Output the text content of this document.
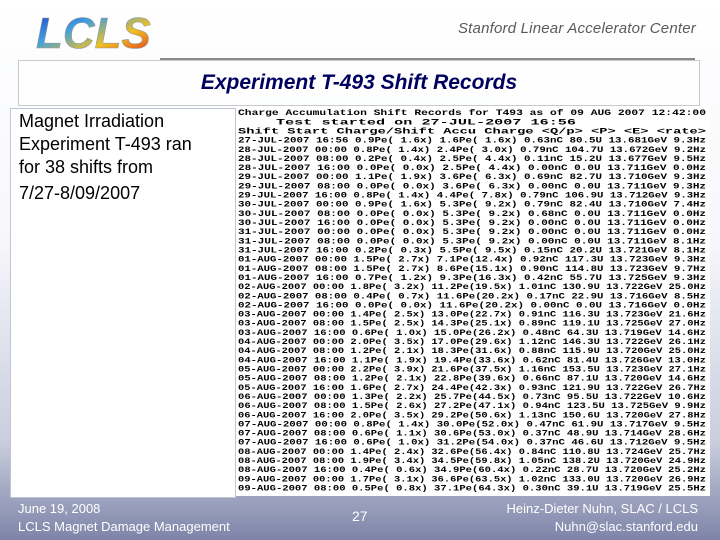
LCLS	Stanford Linear Accelerator Center
Experiment T-493 Shift Records

Magnet Irradiation

Experiment T-493 ran

for 38 shifts from

7/27-8/09/2007

Charge Accumulation Shift Records for T493 as of 09 AUG 2007 12:42:00
Test started on 27-JUL-2007 16:56
Shift Start Charge/Shift Accu Charge <Q/p> <P> <E> <rate>
27-JUL-2007 16:56 0.9Pe( 1.6x) 1.6Pe( 1.6x) 0.63nC 80.5U 13.681GeV 9.3Hz
28-JUL-2007 00:00 0.8Pe( 1.4x) 2.4Pe( 3.0x) 0.79nC 104.7U 13.672GeV 9.2Hz
28-JUL-2007 08:00 0.2Pe( 0.4x) 2.5Pe( 4.4x) 0.11nC 15.2U 13.677GeV 9.5Hz
28-JUL-2007 16:00 0.0Pe( 0.0x) 2.5Pe( 4.4x) 0.00nC 0.0U 13.711GeV 0.0Hz
29-JUL-2007 00:00 1.1Pe( 1.9x) 3.6Pe( 6.3x) 0.69nC 82.7U 13.710GeV 9.3Hz
29-JUL-2007 08:00 0.0Pe( 0.0x) 3.6Pe( 6.3x) 0.00nC 0.0U 13.711GeV 9.3Hz
29-JUL-2007 16:00 0.8Pe( 1.4x) 4.4Pe( 7.8x) 0.79nC 106.9U 13.712GeV 9.3Hz
30-JUL-2007 00:00 0.9Pe( 1.6x) 5.3Pe( 9.2x) 0.79nC 82.4U 13.710GeV 7.4Hz
30-JUL-2007 08:00 0.0Pe( 0.0x) 5.3Pe( 9.2x) 0.68nC 0.0U 13.711GeV 0.0Hz
30-JUL-2007 16:00 0.0Pe( 0.0x) 5.3Pe( 9.2x) 0.00nC 0.0U 13.711GeV 0.0Hz
31-JUL-2007 00:00 0.0Pe( 0.0x) 5.3Pe( 9.2x) 0.00nC 0.0U 13.711GeV 0.0Hz
31-JUL-2007 08:00 0.0Pe( 0.0x) 5.3Pe( 9.2x) 0.00nC 0.0U 13.711GeV 8.1Hz
31-JUL-2007 16:00 0.2Pe( 0.3x) 5.5Pe( 9.5x) 0.15nC 20.2U 13.721GeV 8.1Hz
01-AUG-2007 00:00 1.5Pe( 2.7x) 7.1Pe(12.4x) 0.92nC 117.3U 13.723GeV 9.3Hz
01-AUG-2007 08:00 1.5Pe( 2.7x) 8.6Pe(15.1x) 0.90nC 114.8U 13.723GeV 9.7Hz
01-AUG-2007 16:00 0.7Pe( 1.2x) 9.3Pe(16.3x) 0.42nC 55.7U 13.725GeV 9.3Hz
02-AUG-2007 00:00 1.8Pe( 3.2x) 11.2Pe(19.5x) 1.01nC 130.9U 13.722GeV 25.0Hz
02-AUG-2007 08:00 0.4Pe( 0.7x) 11.6Pe(20.2x) 0.17nC 22.9U 13.716GeV 8.5Hz
02-AUG-2007 16:00 0.0Pe( 0.0x) 11.6Pe(20.2x) 0.00nC 0.0U 13.716GeV 0.0Hz
03-AUG-2007 00:00 1.4Pe( 2.5x) 13.0Pe(22.7x) 0.91nC 116.3U 13.723GeV 21.6Hz
03-AUG-2007 08:00 1.5Pe( 2.5x) 14.3Pe(25.1x) 0.89nC 119.1U 13.725GeV 27.0Hz
03-AUG-2007 16:00 0.6Pe( 1.0x) 15.0Pe(26.2x) 0.48nC 64.3U 13.719GeV 14.6Hz
04-AUG-2007 00:00 2.0Pe( 3.5x) 17.0Pe(29.6x) 1.12nC 146.3U 13.722GeV 26.1Hz
04-AUG-2007 08:00 1.2Pe( 2.1x) 18.3Pe(31.6x) 0.88nC 115.9U 13.720GeV 25.0Hz
04-AUG-2007 16:00 1.1Pe( 1.9x) 19.4Pe(33.6x) 0.62nC 81.4U 13.726GeV 13.0Hz
05-AUG-2007 00:00 2.2Pe( 3.9x) 21.6Pe(37.5x) 1.16nC 153.5U 13.723GeV 27.1Hz
05-AUG-2007 08:00 1.2Pe( 2.1x) 22.8Pe(39.6x) 0.66nC 87.1U 13.720GeV 14.6Hz
05-AUG-2007 16:00 1.6Pe( 2.7x) 24.4Pe(42.3x) 0.93nC 121.9U 13.722GeV 26.7Hz
06-AUG-2007 00:00 1.3Pe( 2.2x) 25.7Pe(44.5x) 0.73nC 95.5U 13.722GeV 10.6Hz
06-AUG-2007 08:00 1.5Pe( 2.6x) 27.2Pe(47.1x) 0.94nC 123.5U 13.725GeV 9.9Hz
06-AUG-2007 16:00 2.0Pe( 3.5x) 29.2Pe(50.6x) 1.13nC 150.6U 13.720GeV 27.8Hz
07-AUG-2007 00:00 0.8Pe( 1.4x) 30.0Pe(52.0x) 0.47nC 61.9U 13.717GeV 9.5Hz
07-AUG-2007 08:00 0.6Pe( 1.1x) 30.6Pe(53.0x) 0.37nC 48.9U 13.714GeV 28.6Hz
07-AUG-2007 16:00 0.6Pe( 1.0x) 31.2Pe(54.0x) 0.37nC 46.6U 13.712GeV 9.5Hz
08-AUG-2007 00:00 1.4Pe( 2.4x) 32.6Pe(56.4x) 0.84nC 110.8U 13.724GeV 25.7Hz
08-AUG-2007 08:00 1.9Pe( 3.4x) 34.5Pe(59.8x) 1.05nC 138.2U 13.720GeV 24.9Hz
08-AUG-2007 16:00 0.4Pe( 0.6x) 34.9Pe(60.4x) 0.22nC 28.7U 13.720GeV 25.2Hz
09-AUG-2007 00:00 1.7Pe( 3.1x) 36.6Pe(63.5x) 1.02nC 133.0U 13.720GeV 26.9Hz
09-AUG-2007 08:00 0.5Pe( 0.8x) 37.1Pe(64.3x) 0.30nC 39.1U 13.719GeV 25.5Hz
June 19, 2008
LCLS Magnet Damage Management
27	Heinz-Dieter Nuhn, SLAC / LCLS
Nuhn@slac.stanford.edu
